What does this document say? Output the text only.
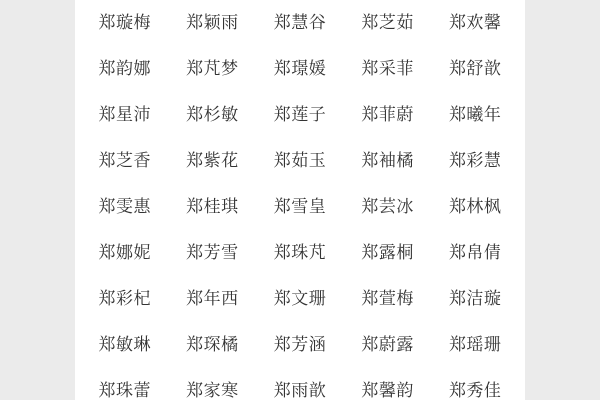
郑璇梅	郑颖雨	郑慧谷	郑芝茹	郑欢馨
郑韵娜	郑芃梦	郑璟媛	郑采菲	郑舒歆
郑星沛	郑杉敏	郑莲子	郑菲蔚	郑曦年
郑芝香	郑紫花	郑茹玉	郑袖橘	郑彩慧
郑雯惠	郑桂琪	郑雪皇	郑芸冰	郑林枫
郑娜妮	郑芳雪	郑珠芃	郑露桐	郑帛倩
郑彩杞	郑年西	郑文珊	郑萱梅	郑洁璇
郑敏琳	郑琛橘	郑芳涵	郑蔚露	郑瑶珊
郑珠蕾	郑家寒	郑雨歆	郑馨韵	郑秀佳
